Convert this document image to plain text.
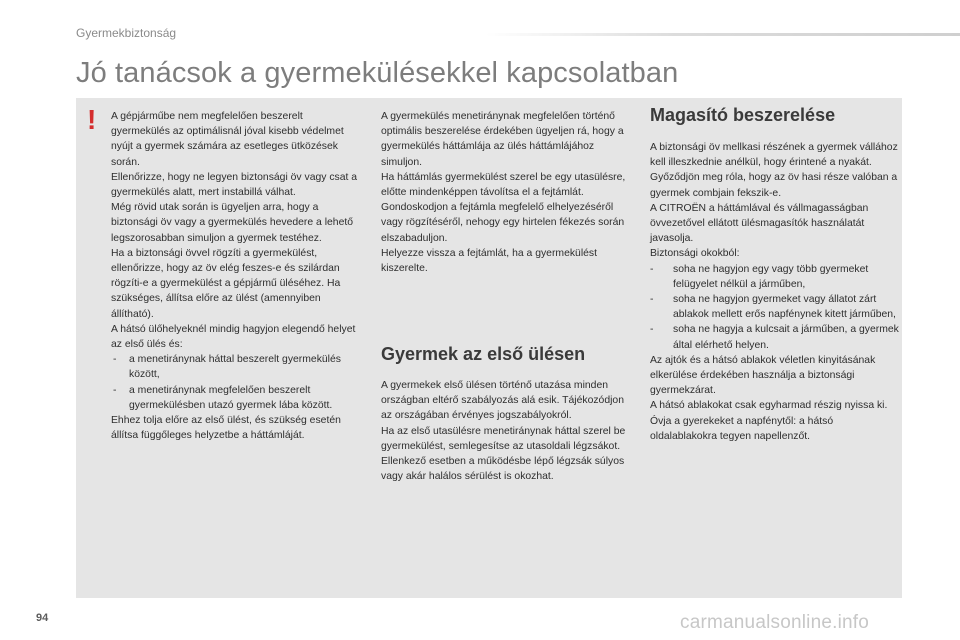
Gyermekbiztonság
Jó tanácsok a gyermekülésekkel kapcsolatban
! A gépjárműbe nem megfelelően beszerelt gyermekülés az optimálisnál jóval kisebb védelmet nyújt a gyermek számára az esetleges ütközések során.

Ellenőrizze, hogy ne legyen biztonsági öv vagy csat a gyermekülés alatt, mert instabillá válhat.

Még rövid utak során is ügyeljen arra, hogy a biztonsági öv vagy a gyermekülés hevedere a lehető legszorosabban simuljon a gyermek testéhez.

Ha a biztonsági övvel rögzíti a gyermekülést, ellenőrizze, hogy az öv elég feszes-e és szilárdan rögzíti-e a gyermekülést a gépjármű üléséhez. Ha szükséges, állítsa előre az ülést (amennyiben állítható).

A hátsó ülőhelyeknél mindig hagyjon elegendő helyet az első ülés és:

- a menetiránynak háttal beszerelt gyermekülés között,

- a menetiránynak megfelelően beszerelt gyermekülésben utazó gyermek lába között.

Ehhez tolja előre az első ülést, és szükség esetén állítsa függőleges helyzetbe a háttámláját.

A gyermekülés menetiránynak megfelelően történő optimális beszerelése érdekében ügyeljen rá, hogy a gyermekülés háttámlája az ülés háttámlájához simuljon.

Ha háttámlás gyermekülést szerel be egy utasülésre, előtte mindenképpen távolítsa el a fejtámlát.

Gondoskodjon a fejtámla megfelelő elhelyezéséről vagy rögzítéséről, nehogy egy hirtelen fékezés során elszabaduljon.

Helyezze vissza a fejtámlát, ha a gyermekülést kiszerelte.

Gyermek az első ülésen

A gyermekek első ülésen történő utazása minden országban eltérő szabályozás alá esik. Tájékozódjon az országában érvényes jogszabályokról.

Ha az első utasülésre menetiránynak háttal szerel be gyermekülést, semlegesítse az utasoldali légzsákot.

Ellenkező esetben a működésbe lépő légzsák súlyos vagy akár halálos sérülést is okozhat.

Magasító beszerelése

A biztonsági öv mellkasi részének a gyermek vállához kell illeszkednie anélkül, hogy érintené a nyakát.

Győződjön meg róla, hogy az öv hasi része valóban a gyermek combjain fekszik-e.

A CITROËN a háttámlával és vállmagasságban övvezetővel ellátott ülésmagasítók használatát javasolja.

Biztonsági okokból:

- soha ne hagyjon egy vagy több gyermeket felügyelet nélkül a járműben,

- soha ne hagyjon gyermeket vagy állatot zárt ablakok mellett erős napfénynek kitett járműben,

- soha ne hagyja a kulcsait a járműben, a gyermek által elérhető helyen.

Az ajtók és a hátsó ablakok véletlen kinyitásának elkerülése érdekében használja a biztonsági gyermekzárat.

A hátsó ablakokat csak egyharmad részig nyissa ki.

Óvja a gyerekeket a napfénytől: a hátsó oldalablakokra tegyen napellenzőt.

94	carmanualsonline.info
